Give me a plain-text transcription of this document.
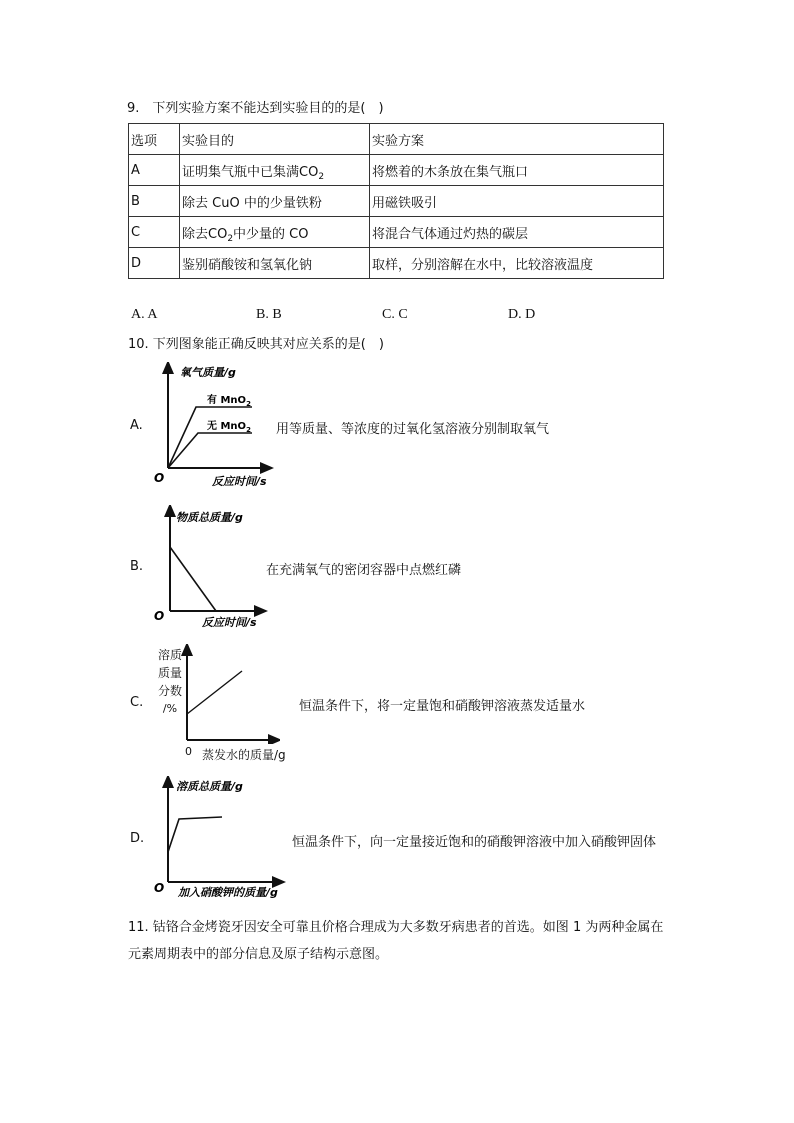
9.　下列实验方案不能达到实验目的的是(　)
选项	实验目的	实验方案
A	证明集气瓶中已集满$CO_2$	将燃着的木条放在集气瓶口
B	除去 CuO 中的少量铁粉	用磁铁吸引
C	除去$CO_2$中少量的 CO	将混合气体通过灼热的碳层
D	鉴别硝酸铵和氢氧化钠	取样，分别溶解在水中，比较溶液温度
A. A	B. B	C. C	D. D
10. 下列图象能正确反映其对应关系的是(　)
A.
氧气质量/g
有 MnO$_2$
无 MnO$_2$
O	反应时间/s
用等质量、等浓度的过氧化氢溶液分别制取氧气
B.
物质总质量/g
O	反应时间/s
在充满氧气的密闭容器中点燃红磷
C.
溶质
质量
分数
/%
0 蒸发水的质量/g
恒温条件下，将一定量饱和硝酸钾溶液蒸发适量水
D.
溶质总质量/g
O 加入硝酸钾的质量/g
恒温条件下，向一定量接近饱和的硝酸钾溶液中加入硝酸钾固体
11. 钴铬合金烤瓷牙因安全可靠且价格合理成为大多数牙病患者的首选。如图 1 为两种金属在
元素周期表中的部分信息及原子结构示意图。
